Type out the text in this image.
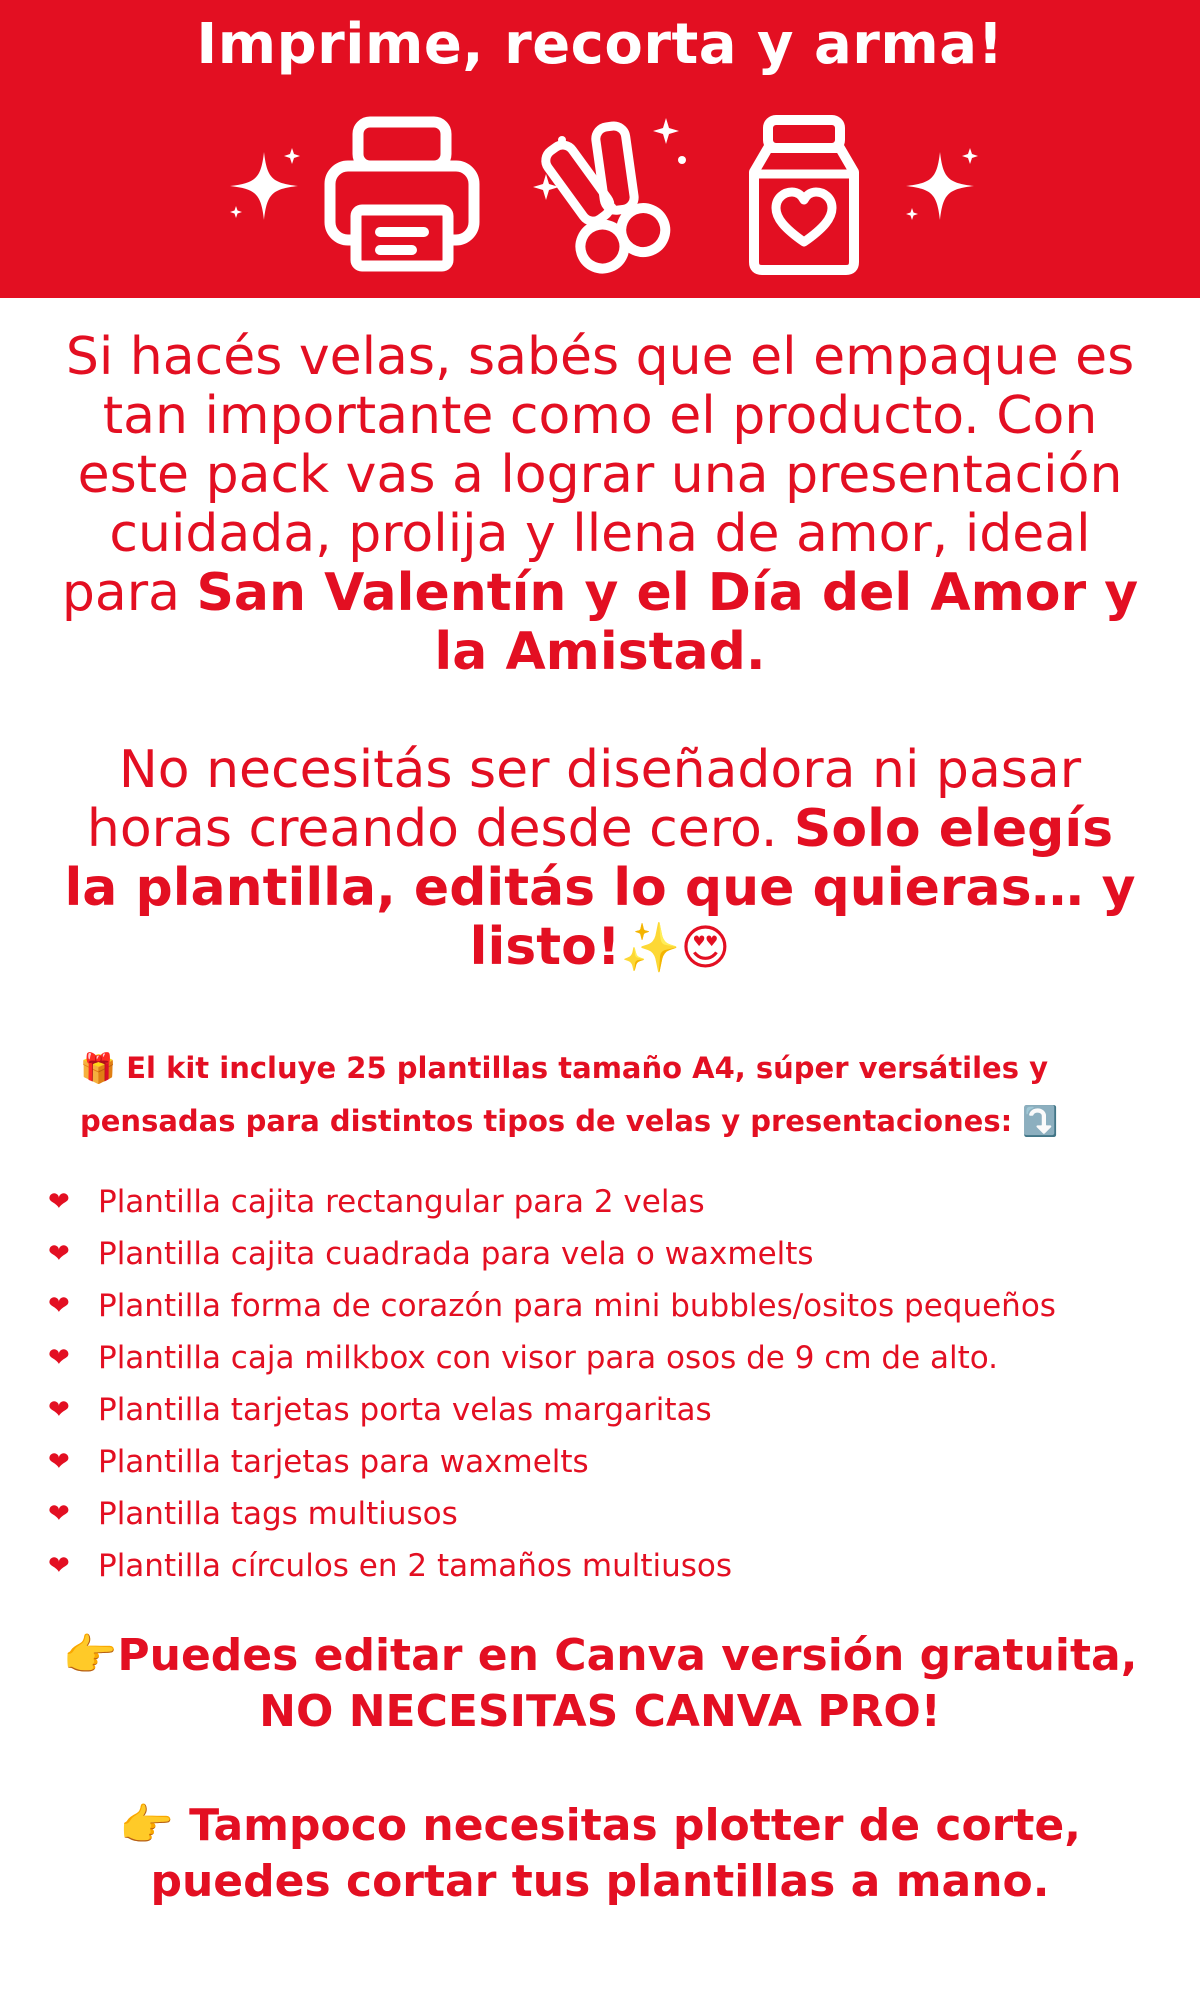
Imprime, recorta y arma!
Si hacés velas, sabés que el empaque es tan importante como el producto. Con este pack vas a lograr una presentación cuidada, prolija y llena de amor, ideal para San Valentín y el Día del Amor y la Amistad.
No necesitás ser diseñadora ni pasar horas creando desde cero. Solo elegís la plantilla, editás lo que quieras… y listo!✨😍
🎁 El kit incluye 25 plantillas tamaño A4, súper versátiles y pensadas para distintos tipos de velas y presentaciones: ⤵️
❤ Plantilla cajita rectangular para 2 velas
❤ Plantilla cajita cuadrada para vela o waxmelts
❤ Plantilla forma de corazón para mini bubbles/ositos pequeños
❤ Plantilla caja milkbox con visor para osos de 9 cm de alto.
❤ Plantilla tarjetas porta velas margaritas
❤ Plantilla tarjetas para waxmelts
❤ Plantilla tags multiusos
❤ Plantilla círculos en 2 tamaños multiusos
👉Puedes editar en Canva versión gratuita, NO NECESITAS CANVA PRO!
👉 Tampoco necesitas plotter de corte, puedes cortar tus plantillas a mano.
